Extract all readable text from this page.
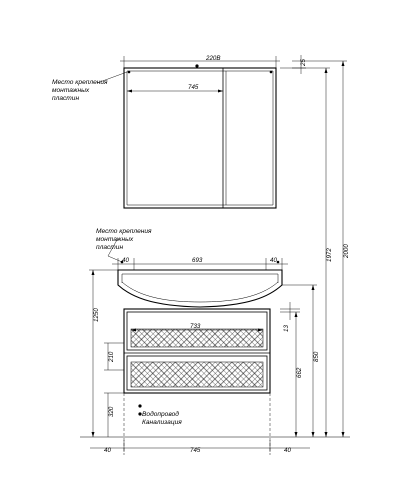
220В
745
25
Место крепления
монтажных
пластин
1972 2000
Место крепления
монтажных
пластин
Водопровод
Канализация
40	693	40
733
40	745	40
1250
210
320
13
662
850
